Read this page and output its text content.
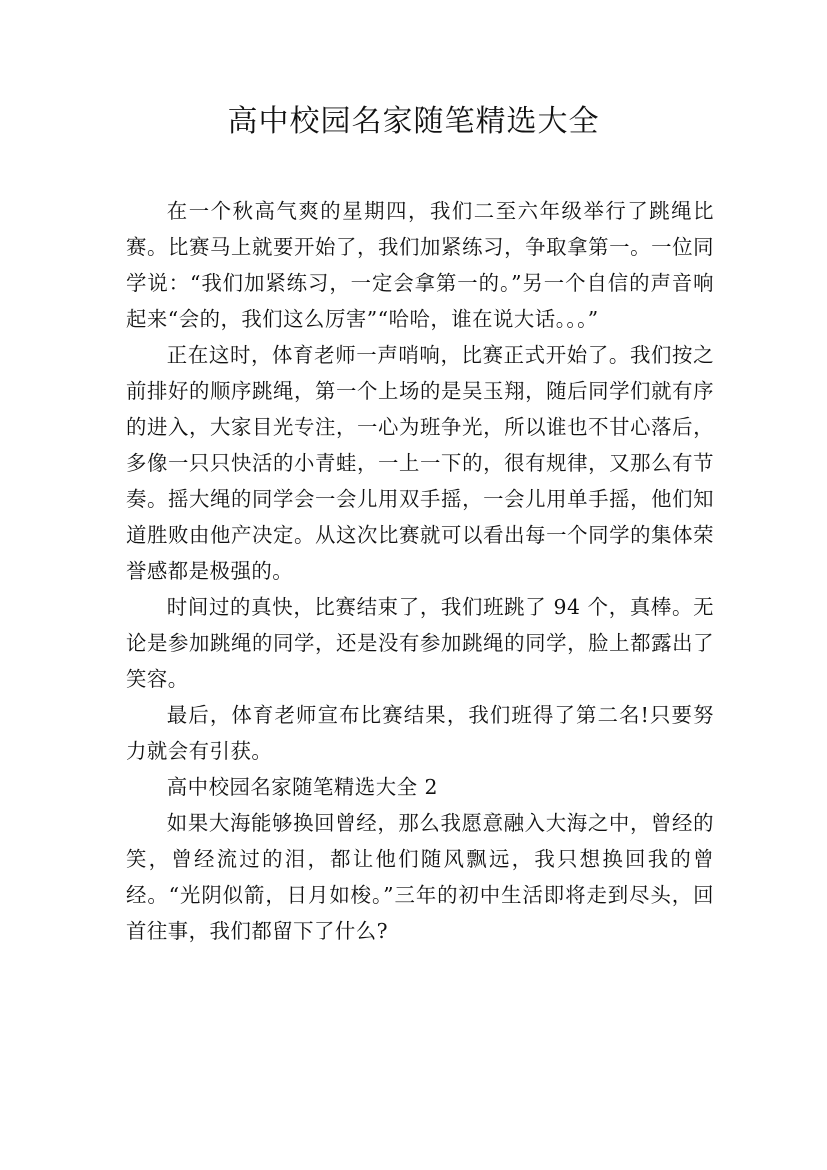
高中校园名家随笔精选大全

在一个秋高气爽的星期四，我们二至六年级举行了跳绳比赛。比赛马上就要开始了，我们加紧练习，争取拿第一。一位同学说：“我们加紧练习，一定会拿第一的。”另一个自信的声音响起来“会的，我们这么厉害”“哈哈，谁在说大话。。。”

正在这时，体育老师一声哨响，比赛正式开始了。我们按之前排好的顺序跳绳，第一个上场的是吴玉翔，随后同学们就有序的进入，大家目光专注，一心为班争光，所以谁也不甘心落后，多像一只只快活的小青蛙，一上一下的，很有规律，又那么有节奏。摇大绳的同学会一会儿用双手摇，一会儿用单手摇，他们知道胜败由他产决定。从这次比赛就可以看出每一个同学的集体荣誉感都是极强的。

时间过的真快，比赛结束了，我们班跳了 94 个，真棒。无论是参加跳绳的同学，还是没有参加跳绳的同学，脸上都露出了笑容。

最后，体育老师宣布比赛结果，我们班得了第二名!只要努力就会有引获。

高中校园名家随笔精选大全 2

如果大海能够换回曾经，那么我愿意融入大海之中，曾经的笑，曾经流过的泪，都让他们随风飘远，我只想换回我的曾经。“光阴似箭，日月如梭。”三年的初中生活即将走到尽头，回首往事，我们都留下了什么?
